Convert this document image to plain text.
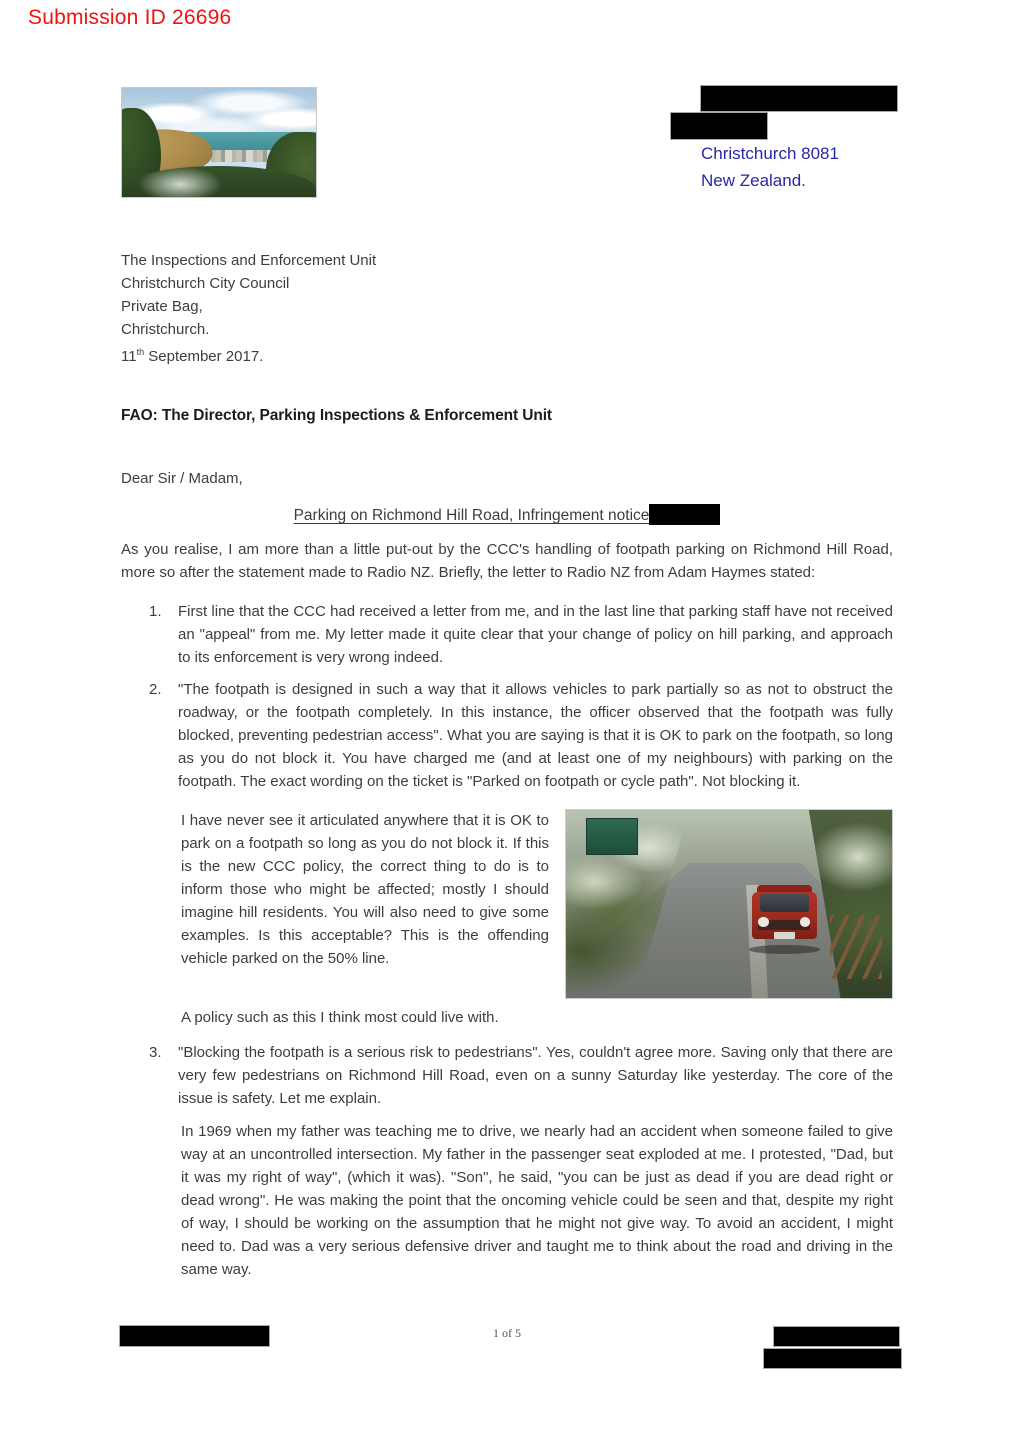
Submission ID 26696
Christchurch 8081
New Zealand.
The Inspections and Enforcement Unit
Christchurch City Council
Private Bag,
Christchurch.
11th September 2017.
FAO: The Director, Parking Inspections & Enforcement Unit
Dear Sir / Madam,
Parking on Richmond Hill Road, Infringement notice

As you realise, I am more than a little put-out by the CCC's handling of footpath parking on Richmond Hill Road, more so after the statement made to Radio NZ. Briefly, the letter to Radio NZ from Adam Haymes stated:

1.	First line that the CCC had received a letter from me, and in the last line that parking staff have not received an "appeal" from me. My letter made it quite clear that your change of policy on hill parking, and approach to its enforcement is very wrong indeed.
2.	"The footpath is designed in such a way that it allows vehicles to park partially so as not to obstruct the roadway, or the footpath completely. In this instance, the officer observed that the footpath was fully blocked, preventing pedestrian access". What you are saying is that it is OK to park on the footpath, so long as you do not block it. You have charged me (and at least one of my neighbours) with parking on the footpath. The exact wording on the ticket is "Parked on footpath or cycle path". Not blocking it.

I have never see it articulated anywhere that it is OK to park on a footpath so long as you do not block it. If this is the new CCC policy, the correct thing to do is to inform those who might be affected; mostly I should imagine hill residents. You will also need to give some examples. Is this acceptable? This is the offending vehicle parked on the 50% line.

A policy such as this I think most could live with.

3.	"Blocking the footpath is a serious risk to pedestrians". Yes, couldn't agree more. Saving only that there are very few pedestrians on Richmond Hill Road, even on a sunny Saturday like yesterday. The core of the issue is safety. Let me explain.

In 1969 when my father was teaching me to drive, we nearly had an accident when someone failed to give way at an uncontrolled intersection. My father in the passenger seat exploded at me. I protested, "Dad, but it was my right of way", (which it was). "Son", he said, "you can be just as dead if you are dead right or dead wrong". He was making the point that the oncoming vehicle could be seen and that, despite my right of way, I should be working on the assumption that he might not give way. To avoid an accident, I might need to. Dad was a very serious defensive driver and taught me to think about the road and driving in the same way.

1 of 5
